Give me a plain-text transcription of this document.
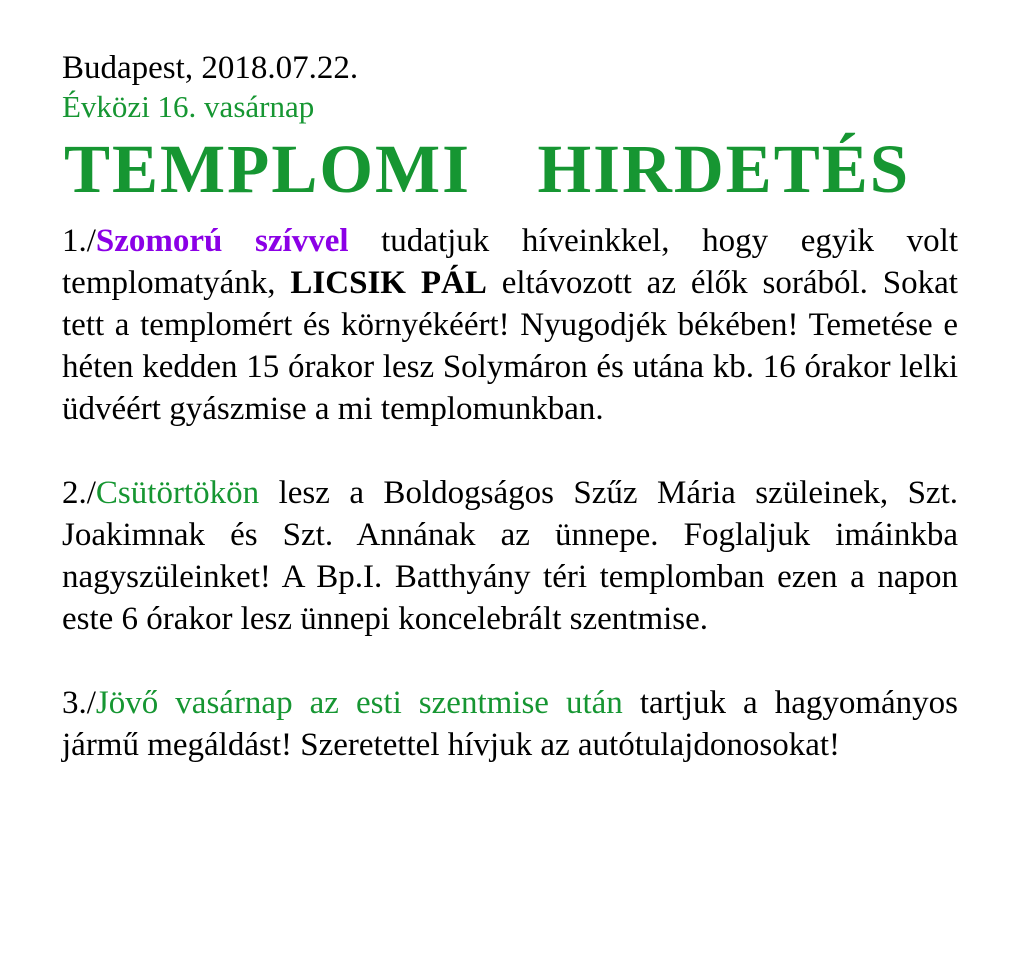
Budapest, 2018.07.22.
Évközi 16. vasárnap
TEMPLOMI  HIRDETÉS

1./Szomorú szívvel tudatjuk híveinkkel, hogy egyik volt templomatyánk, LICSIK PÁL eltávozott az élők sorából. Sokat tett a templomért és környékéért! Nyugodjék békében! Temetése e héten kedden 15 órakor lesz Solymáron és utána kb. 16 órakor lelki üdvéért gyászmise a mi templomunkban.

2./Csütörtökön lesz a Boldogságos Szűz Mária szüleinek, Szt. Joakimnak és Szt. Annának az ünnepe. Foglaljuk imáinkba nagyszüleinket! A Bp.I. Batthyány téri templomban ezen a napon este 6 órakor lesz ünnepi koncelebrált szentmise.

3./Jövő vasárnap az esti szentmise után tartjuk a hagyományos jármű megáldást! Szeretettel hívjuk az autótulajdonosokat!
